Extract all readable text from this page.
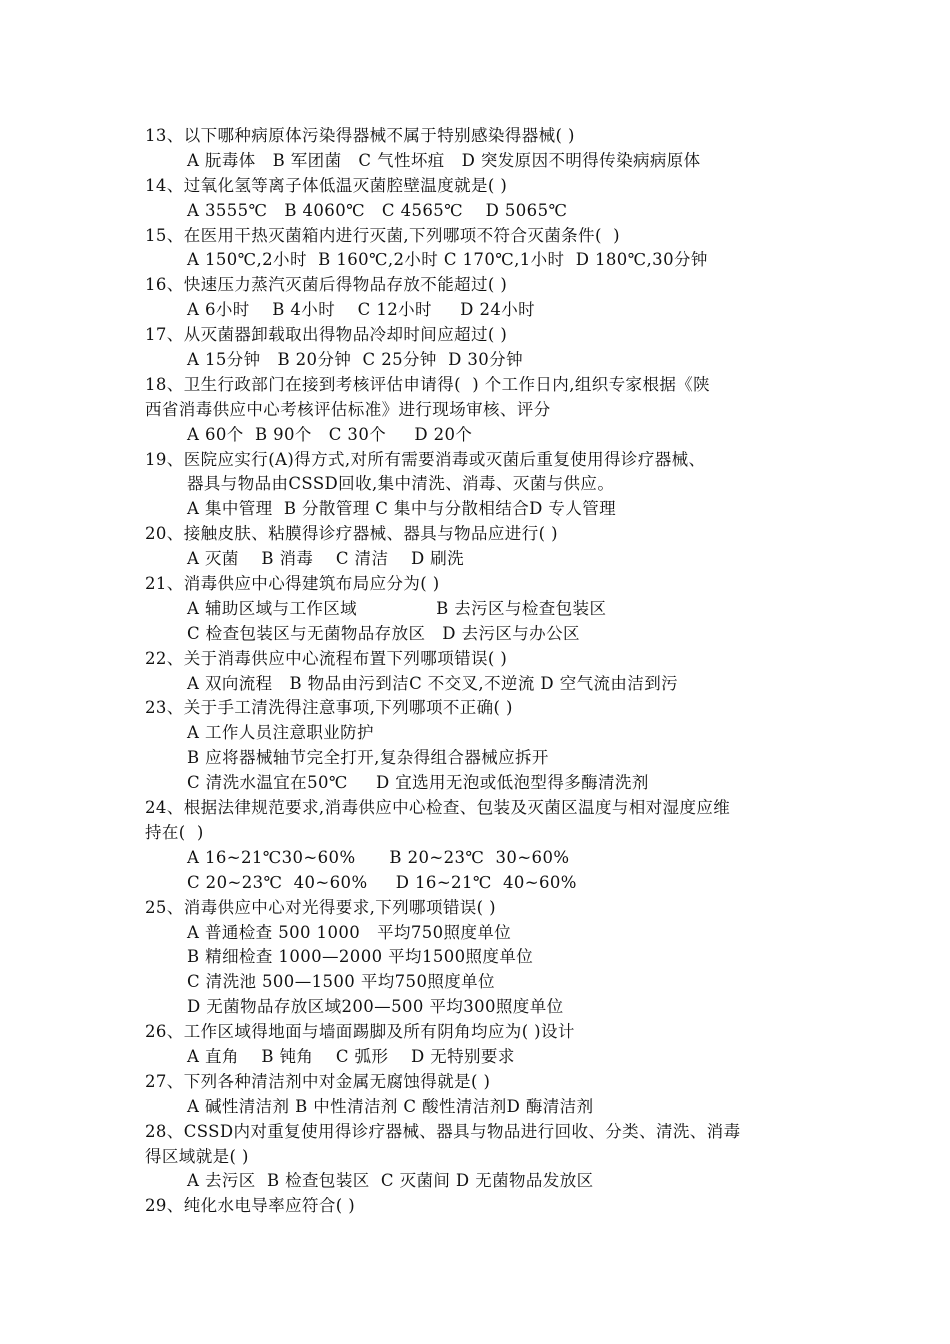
13、以下哪种病原体污染得器械不属于特别感染得器械( )
A 朊毒体   B 军团菌   C 气性坏疽   D 突发原因不明得传染病病原体
14、过氧化氢等离子体低温灭菌腔壁温度就是( )
A 3555℃   B 4060℃   C 4565℃    D 5065℃
15、在医用干热灭菌箱内进行灭菌,下列哪项不符合灭菌条件(  )
A 150℃,2小时  B 160℃,2小时 C 170℃,1小时  D 180℃,30分钟
16、快速压力蒸汽灭菌后得物品存放不能超过( )
A 6小时    B 4小时    C 12小时     D 24小时
17、从灭菌器卸载取出得物品冷却时间应超过( )
A 15分钟   B 20分钟  C 25分钟  D 30分钟
18、卫生行政部门在接到考核评估申请得(  ) 个工作日内,组织专家根据《陕
西省消毒供应中心考核评估标准》进行现场审核、评分
A 60个  B 90个   C 30个     D 20个
19、医院应实行(A)得方式,对所有需要消毒或灭菌后重复使用得诊疗器械、
器具与物品由CSSD回收,集中清洗、消毒、灭菌与供应。
A 集中管理  B 分散管理 C 集中与分散相结合D 专人管理
20、接触皮肤、粘膜得诊疗器械、器具与物品应进行( )
A 灭菌    B 消毒    C 清洁    D 刷洗
21、消毒供应中心得建筑布局应分为( )
A 辅助区域与工作区域              B 去污区与检查包装区
C 检查包装区与无菌物品存放区   D 去污区与办公区
22、关于消毒供应中心流程布置下列哪项错误( )
A 双向流程   B 物品由污到洁C 不交叉,不逆流 D 空气流由洁到污
23、关于手工清洗得注意事项,下列哪项不正确( )
A 工作人员注意职业防护
B 应将器械轴节完全打开,复杂得组合器械应拆开
C 清洗水温宜在50℃     D 宜选用无泡或低泡型得多酶清洗剂
24、根据法律规范要求,消毒供应中心检查、包装及灭菌区温度与相对湿度应维
持在(  )
A 16~21℃30~60%      B 20~23℃  30~60%
C 20~23℃  40~60%     D 16~21℃  40~60%
25、消毒供应中心对光得要求,下列哪项错误( )
A 普通检查 500 1000   平均750照度单位
B 精细检查 1000—2000 平均1500照度单位
C 清洗池 500—1500 平均750照度单位
D 无菌物品存放区域200—500 平均300照度单位
26、工作区域得地面与墙面踢脚及所有阴角均应为( )设计
A 直角    B 钝角    C 弧形    D 无特别要求
27、下列各种清洁剂中对金属无腐蚀得就是( )
A 碱性清洁剂 B 中性清洁剂 C 酸性清洁剂D 酶清洁剂
28、CSSD内对重复使用得诊疗器械、器具与物品进行回收、分类、清洗、消毒
得区域就是( )
A 去污区  B 检查包装区  C 灭菌间 D 无菌物品发放区
29、纯化水电导率应符合( )
